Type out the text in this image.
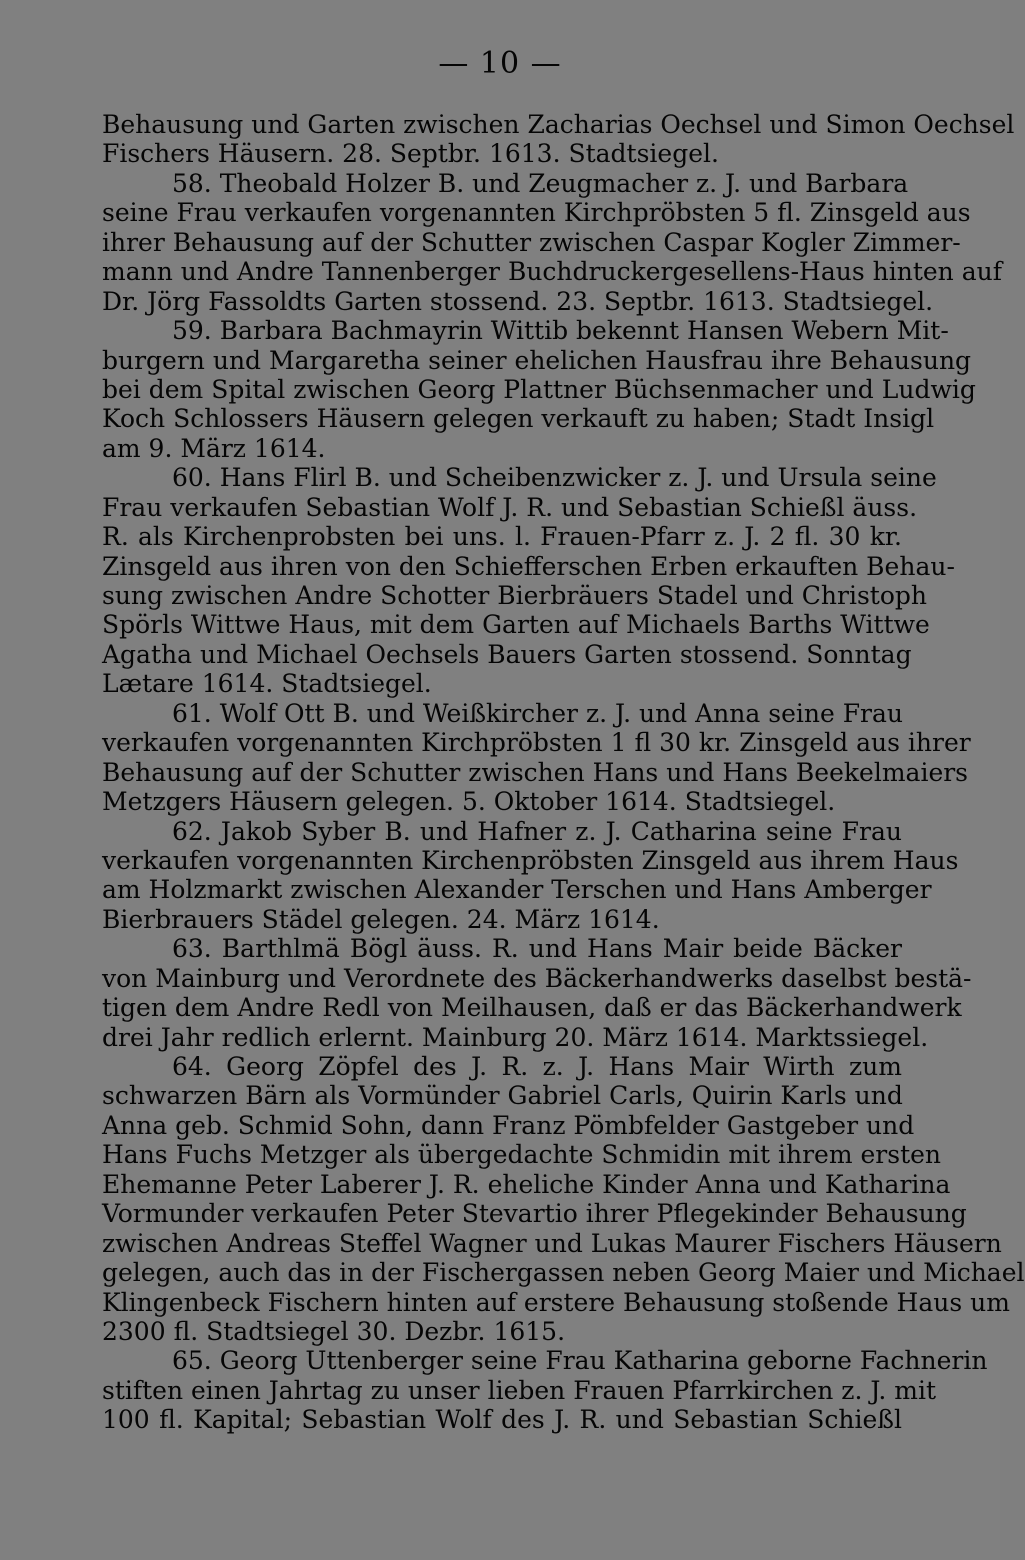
— 10 —
Behausung und Garten zwischen Zacharias Oechsel und Simon Oechsel
Fischers Häusern. 28. Septbr. 1613. Stadtsiegel.
58. Theobald Holzer B. und Zeugmacher z. J. und Barbara
seine Frau verkaufen vorgenannten Kirchpröbsten 5 fl. Zinsgeld aus
ihrer Behausung auf der Schutter zwischen Caspar Kogler Zimmer-
mann und Andre Tannenberger Buchdruckergesellens-Haus hinten auf
Dr. Jörg Fassoldts Garten stossend. 23. Septbr. 1613. Stadtsiegel.
59. Barbara Bachmayrin Wittib bekennt Hansen Webern Mit-
burgern und Margaretha seiner ehelichen Hausfrau ihre Behausung
bei dem Spital zwischen Georg Plattner Büchsenmacher und Ludwig
Koch Schlossers Häusern gelegen verkauft zu haben; Stadt Insigl
am 9. März 1614.
60. Hans Flirl B. und Scheibenzwicker z. J. und Ursula seine
Frau verkaufen Sebastian Wolf J. R. und Sebastian Schießl äuss.
R. als Kirchenprobsten bei uns. l. Frauen-Pfarr z. J. 2 fl. 30 kr.
Zinsgeld aus ihren von den Schiefferschen Erben erkauften Behau-
sung zwischen Andre Schotter Bierbräuers Stadel und Christoph
Spörls Wittwe Haus, mit dem Garten auf Michaels Barths Wittwe
Agatha und Michael Oechsels Bauers Garten stossend. Sonntag
Lætare 1614. Stadtsiegel.
61. Wolf Ott B. und Weißkircher z. J. und Anna seine Frau
verkaufen vorgenannten Kirchpröbsten 1 fl 30 kr. Zinsgeld aus ihrer
Behausung auf der Schutter zwischen Hans und Hans Beekelmaiers
Metzgers Häusern gelegen. 5. Oktober 1614. Stadtsiegel.
62. Jakob Syber B. und Hafner z. J. Catharina seine Frau
verkaufen vorgenannten Kirchenpröbsten Zinsgeld aus ihrem Haus
am Holzmarkt zwischen Alexander Terschen und Hans Amberger
Bierbrauers Städel gelegen. 24. März 1614.
63. Barthlmä Bögl äuss. R. und Hans Mair beide Bäcker
von Mainburg und Verordnete des Bäckerhandwerks daselbst bestä-
tigen dem Andre Redl von Meilhausen, daß er das Bäckerhandwerk
drei Jahr redlich erlernt. Mainburg 20. März 1614. Marktssiegel.
64. Georg Zöpfel des J. R. z. J. Hans Mair Wirth zum
schwarzen Bärn als Vormünder Gabriel Carls, Quirin Karls und
Anna geb. Schmid Sohn, dann Franz Pömbfelder Gastgeber und
Hans Fuchs Metzger als übergedachte Schmidin mit ihrem ersten
Ehemanne Peter Laberer J. R. eheliche Kinder Anna und Katharina
Vormunder verkaufen Peter Stevartio ihrer Pflegekinder Behausung
zwischen Andreas Steffel Wagner und Lukas Maurer Fischers Häusern
gelegen, auch das in der Fischergassen neben Georg Maier und Michael
Klingenbeck Fischern hinten auf erstere Behausung stoßende Haus um
2300 fl. Stadtsiegel 30. Dezbr. 1615.
65. Georg Uttenberger seine Frau Katharina geborne Fachnerin
stiften einen Jahrtag zu unser lieben Frauen Pfarrkirchen z. J. mit
100 fl. Kapital; Sebastian Wolf des J. R. und Sebastian Schießl
